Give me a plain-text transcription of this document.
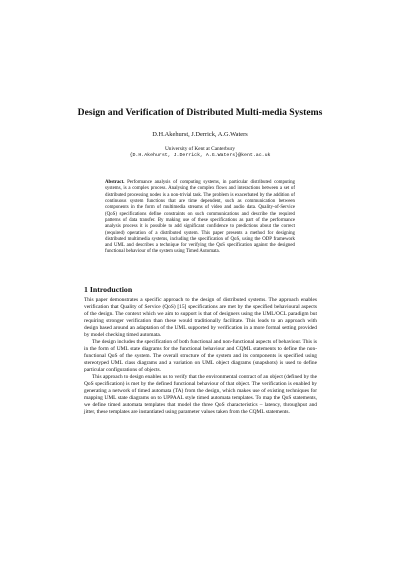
Design and Verification of Distributed Multi-media Systems
D.H.Akehurst, J.Derrick, A.G.Waters
University of Kent at Canterbury
{D.H.Akehurst, J.Derrick, A.G.Waters}@kent.ac.uk

Abstract. Performance analysis of computing systems, in particular distributed computing systems, is a complex process. Analysing the complex flows and interactions between a set of distributed processing nodes is a non-trivial task. The problem is exacerbated by the addition of continuous system functions that are time dependent, such as communication between components in the form of multimedia streams of video and audio data. Quality-of-Service (QoS) specifications define constraints on such communications and describe the required patterns of data transfer. By making use of these specifications as part of the performance analysis process it is possible to add significant confidence to predictions about the correct (required) operation of a distributed system. This paper presents a method for designing distributed multimedia systems, including the specification of QoS, using the ODP framework and UML and describes a technique for verifying the QoS specification against the designed functional behaviour of the system using Timed Automata.

1 Introduction

This paper demonstrates a specific approach to the design of distributed systems. The approach enables verification that Quality of Service (QoS) [15] specifications are met by the specified behavioural aspects of the design. The context which we aim to support is that of designers using the UML/OCL paradigm but requiring stronger verification than these would traditionally facilitate. This leads to an approach with design based around an adaptation of the UML supported by verification in a more formal setting provided by model checking timed automata.

The design includes the specification of both functional and non-functional aspects of behaviour. This is in the form of UML state diagrams for the functional behaviour and CQML statements to define the non-functional QoS of the system. The overall structure of the system and its components is specified using stereotyped UML class diagrams and a variation on UML object diagrams (snapshots) is used to define particular configurations of objects.

This approach to design enables us to verify that the environmental contract of an object (defined by the QoS specification) is met by the defined functional behaviour of that object. The verification is enabled by generating a network of timed automata (TA) from the design, which makes use of existing techniques for mapping UML state diagrams on to UPPAAL style timed automata templates. To map the QoS statements, we define timed automata templates that model the three QoS characteristics – latency, throughput and jitter, these templates are instantiated using parameter values taken from the CQML statements.
